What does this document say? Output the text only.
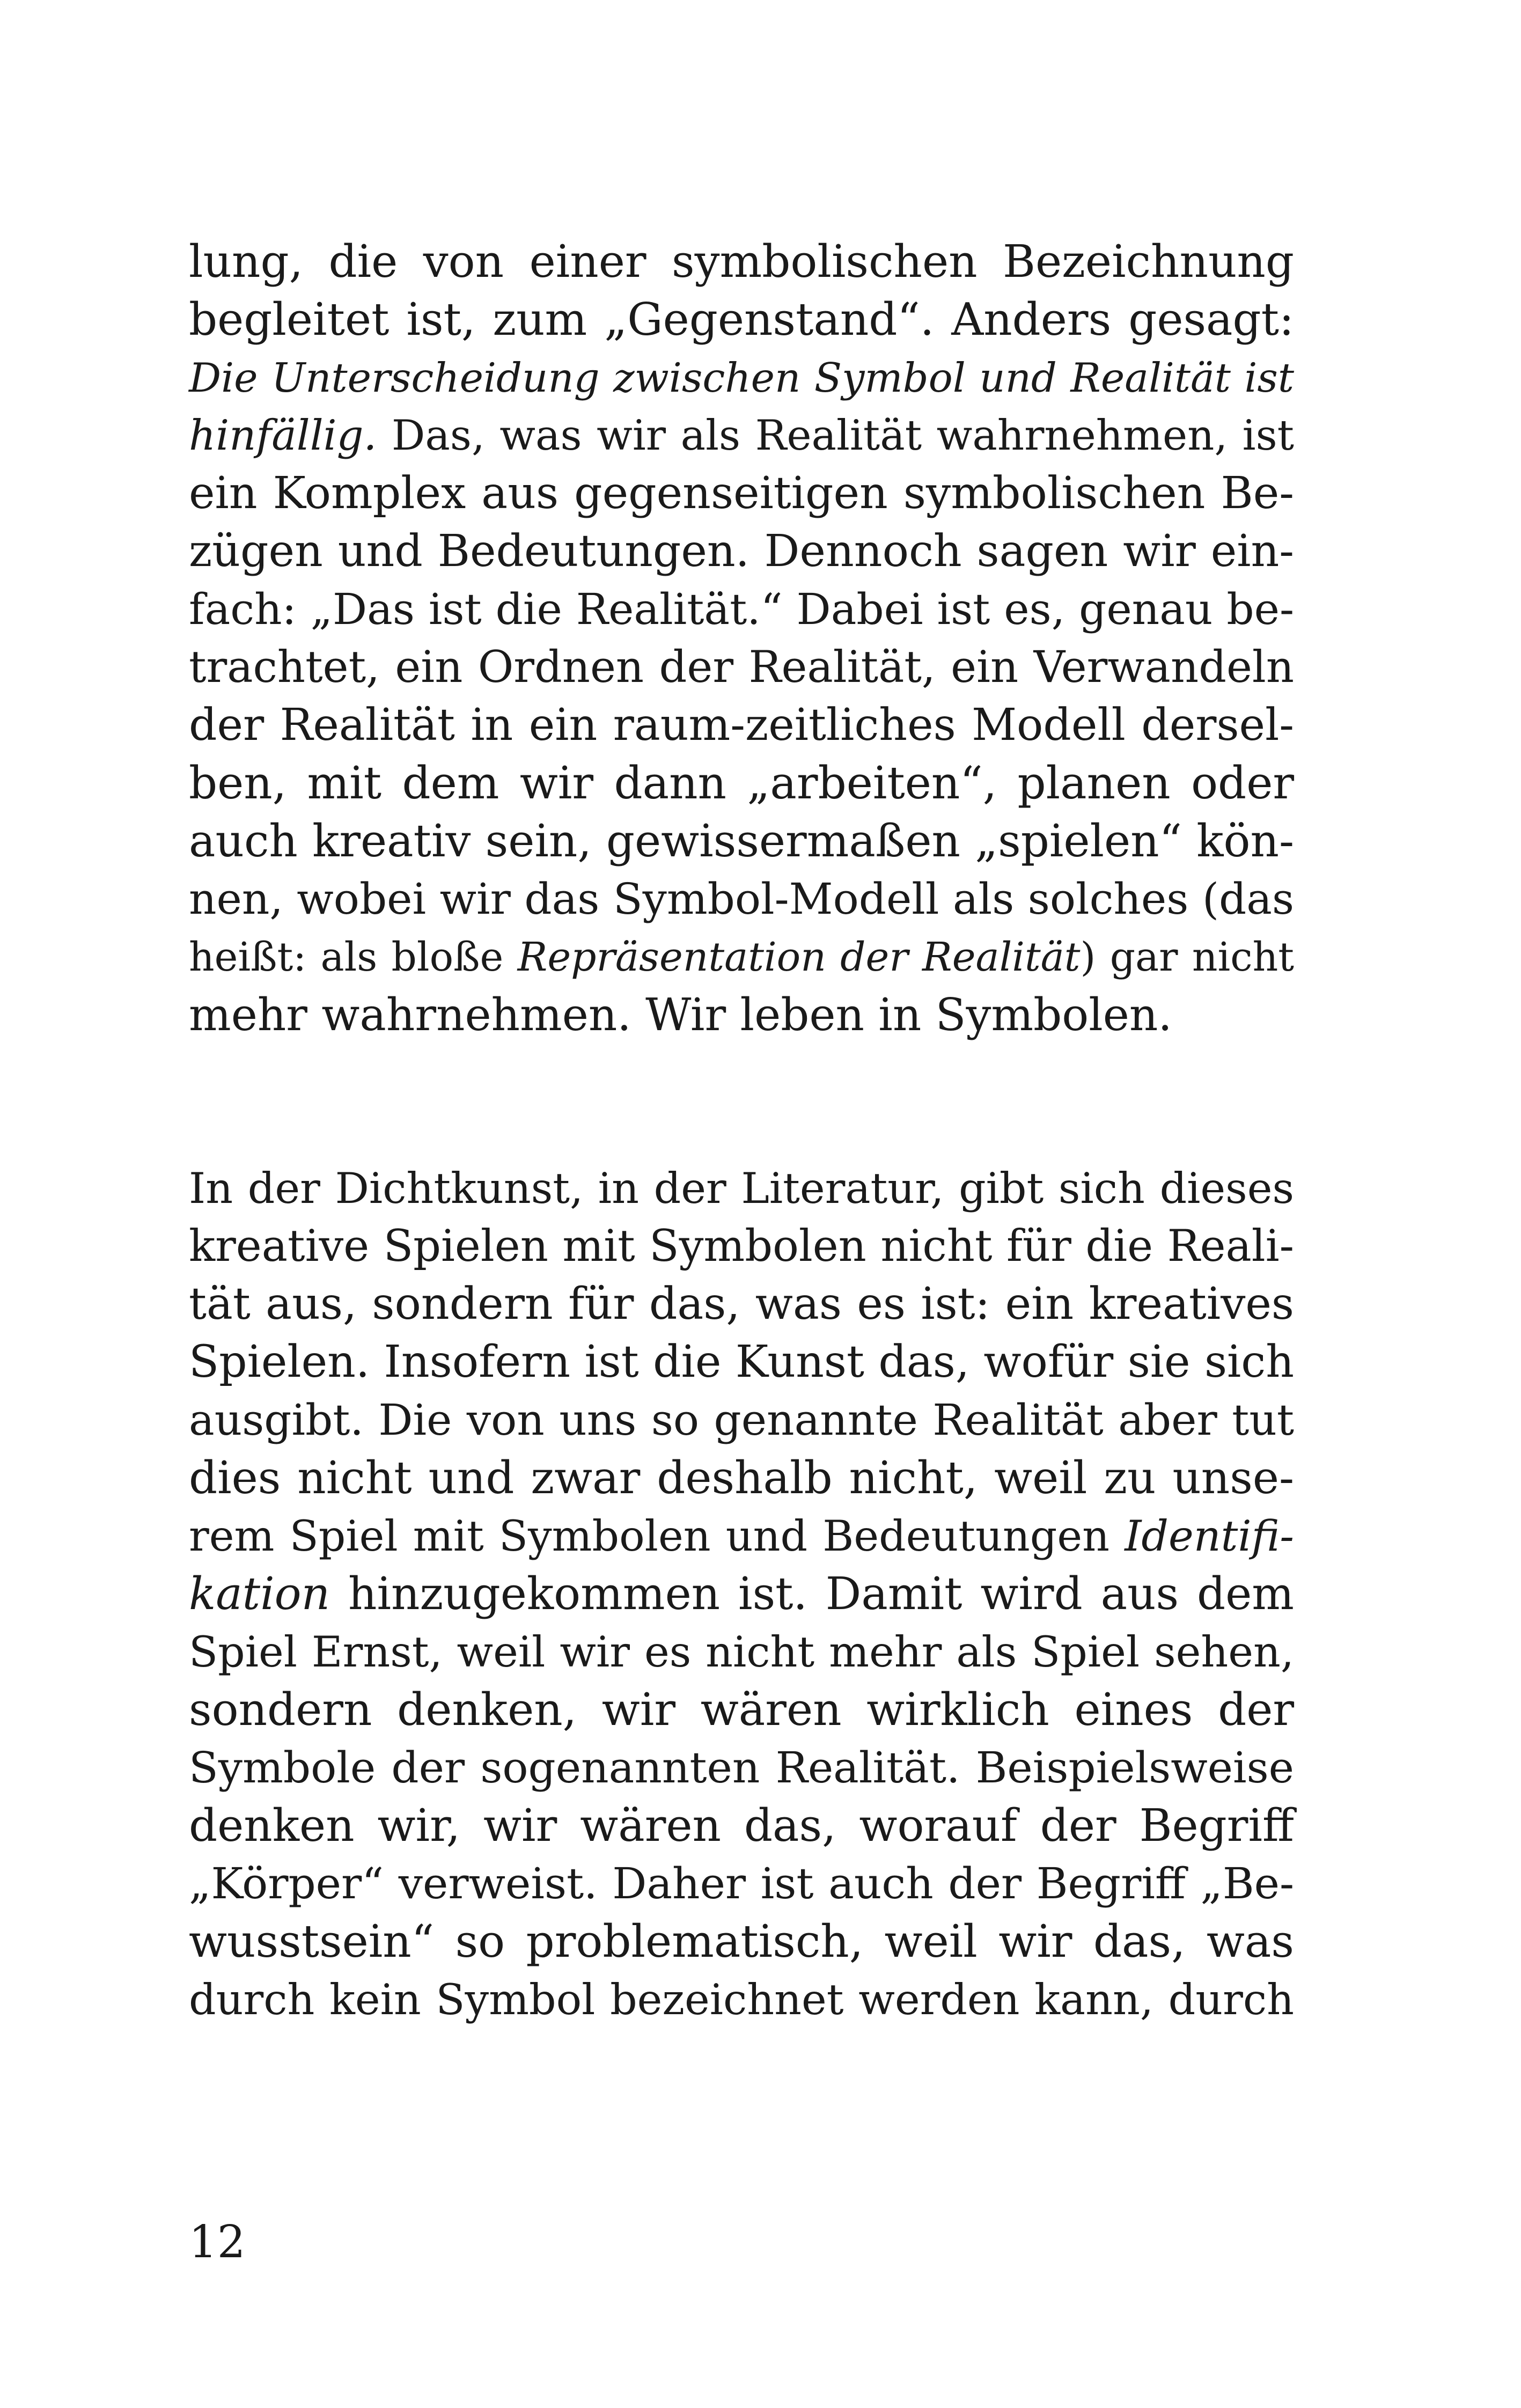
lung, die von einer symbolischen Bezeichnung
begleitet ist, zum „Gegenstand“. Anders gesagt:
Die Unterscheidung zwischen Symbol und Realität ist
hinfällig. Das, was wir als Realität wahrnehmen, ist
ein Komplex aus gegenseitigen symbolischen Be-
zügen und Bedeutungen. Dennoch sagen wir ein-
fach: „Das ist die Realität.“ Dabei ist es, genau be-
trachtet, ein Ordnen der Realität, ein Verwandeln
der Realität in ein raum-zeitliches Modell dersel-
ben, mit dem wir dann „arbeiten“, planen oder
auch kreativ sein, gewissermaßen „spielen“ kön-
nen, wobei wir das Symbol-Modell als solches (das
heißt: als bloße Repräsentation der Realität) gar nicht
mehr wahrnehmen. Wir leben in Symbolen.
In der Dichtkunst, in der Literatur, gibt sich dieses
kreative Spielen mit Symbolen nicht für die Reali-
tät aus, sondern für das, was es ist: ein kreatives
Spielen. Insofern ist die Kunst das, wofür sie sich
ausgibt. Die von uns so genannte Realität aber tut
dies nicht und zwar deshalb nicht, weil zu unse-
rem Spiel mit Symbolen und Bedeutungen Identifi-
kation hinzugekommen ist. Damit wird aus dem
Spiel Ernst, weil wir es nicht mehr als Spiel sehen,
sondern denken, wir wären wirklich eines der
Symbole der sogenannten Realität. Beispielsweise
denken wir, wir wären das, worauf der Begriff
„Körper“ verweist. Daher ist auch der Begriff „Be-
wusstsein“ so problematisch, weil wir das, was
durch kein Symbol bezeichnet werden kann, durch
12
